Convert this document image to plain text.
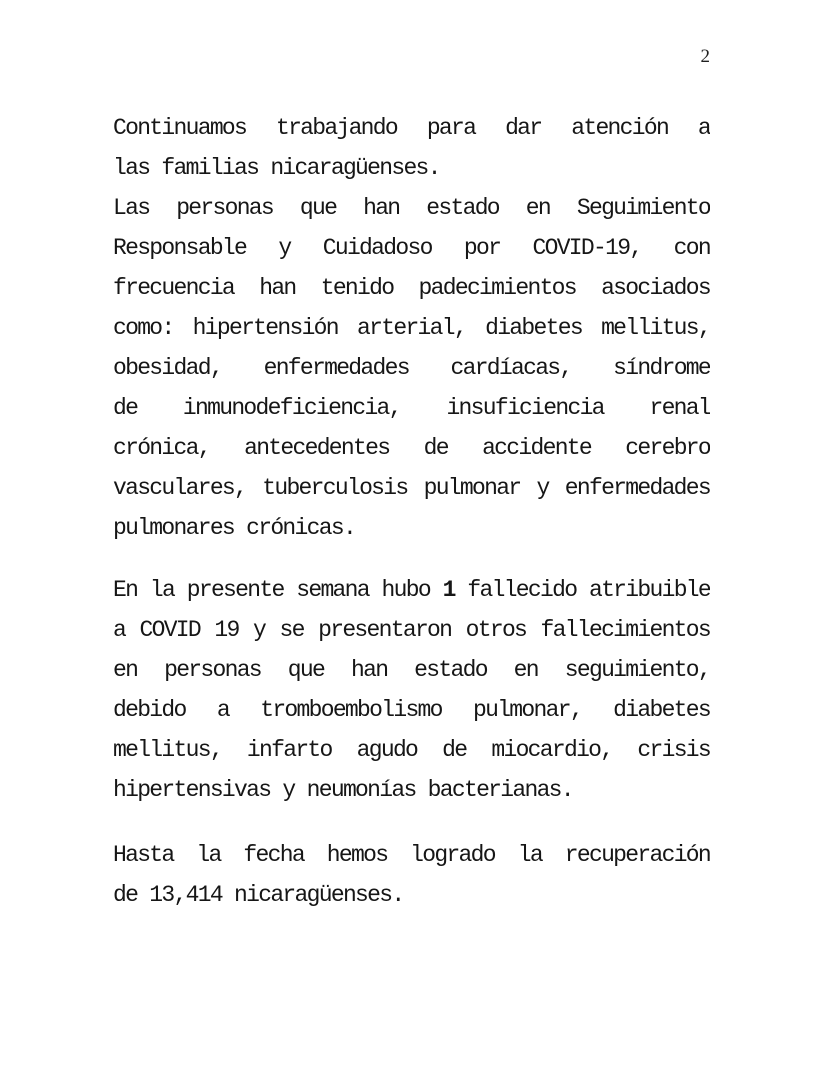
2
Continuamos trabajando para dar atención a
las familias nicaragüenses.
Las personas que han estado en Seguimiento
Responsable y Cuidadoso por COVID-19, con
frecuencia han tenido padecimientos asociados
como: hipertensión arterial, diabetes mellitus,
obesidad, enfermedades cardíacas, síndrome
de inmunodeficiencia, insuficiencia renal
crónica, antecedentes de accidente cerebro
vasculares, tuberculosis pulmonar y enfermedades
pulmonares crónicas.
En la presente semana hubo 1 fallecido atribuible
a COVID 19 y se presentaron otros fallecimientos
en personas que han estado en seguimiento,
debido a tromboembolismo pulmonar, diabetes
mellitus, infarto agudo de miocardio, crisis
hipertensivas y neumonías bacterianas.
Hasta la fecha hemos logrado la recuperación
de 13,414 nicaragüenses.
